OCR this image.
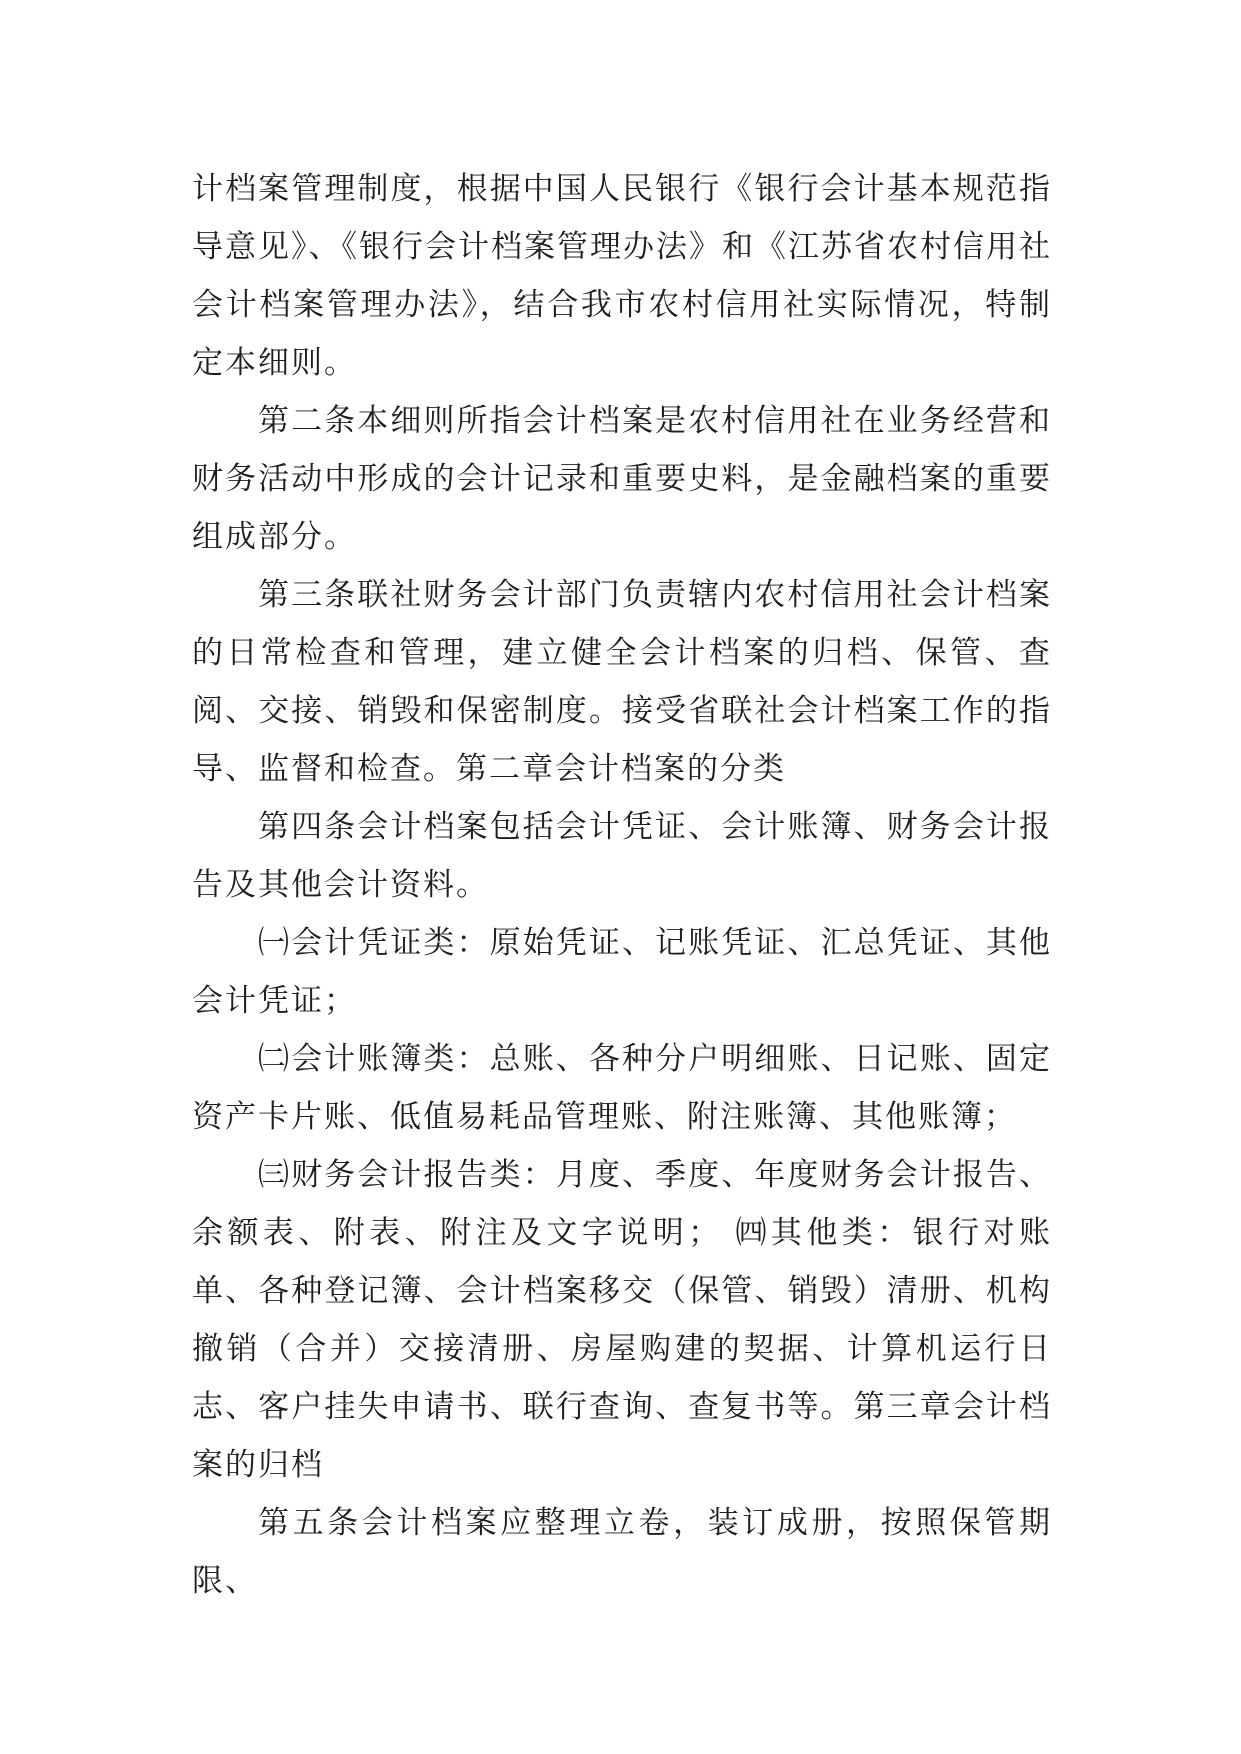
计档案管理制度，根据中国人民银行《银行会计基本规范指导意见》、《银行会计档案管理办法》和《江苏省农村信用社会计档案管理办法》，结合我市农村信用社实际情况，特制定本细则。

第二条本细则所指会计档案是农村信用社在业务经营和财务活动中形成的会计记录和重要史料，是金融档案的重要组成部分。

第三条联社财务会计部门负责辖内农村信用社会计档案的日常检查和管理，建立健全会计档案的归档、保管、查阅、交接、销毁和保密制度。接受省联社会计档案工作的指导、监督和检查。第二章会计档案的分类

第四条会计档案包括会计凭证、会计账簿、财务会计报告及其他会计资料。

㈠会计凭证类：原始凭证、记账凭证、汇总凭证、其他会计凭证；

㈡会计账簿类：总账、各种分户明细账、日记账、固定资产卡片账、低值易耗品管理账、附注账簿、其他账簿；

㈢财务会计报告类：月度、季度、年度财务会计报告、余额表、附表、附注及文字说明； ㈣其他类：银行对账单、各种登记簿、会计档案移交（保管、销毁）清册、机构撤销（合并）交接清册、房屋购建的契据、计算机运行日志、客户挂失申请书、联行查询、查复书等。第三章会计档案的归档

第五条会计档案应整理立卷，装订成册，按照保管期限、
